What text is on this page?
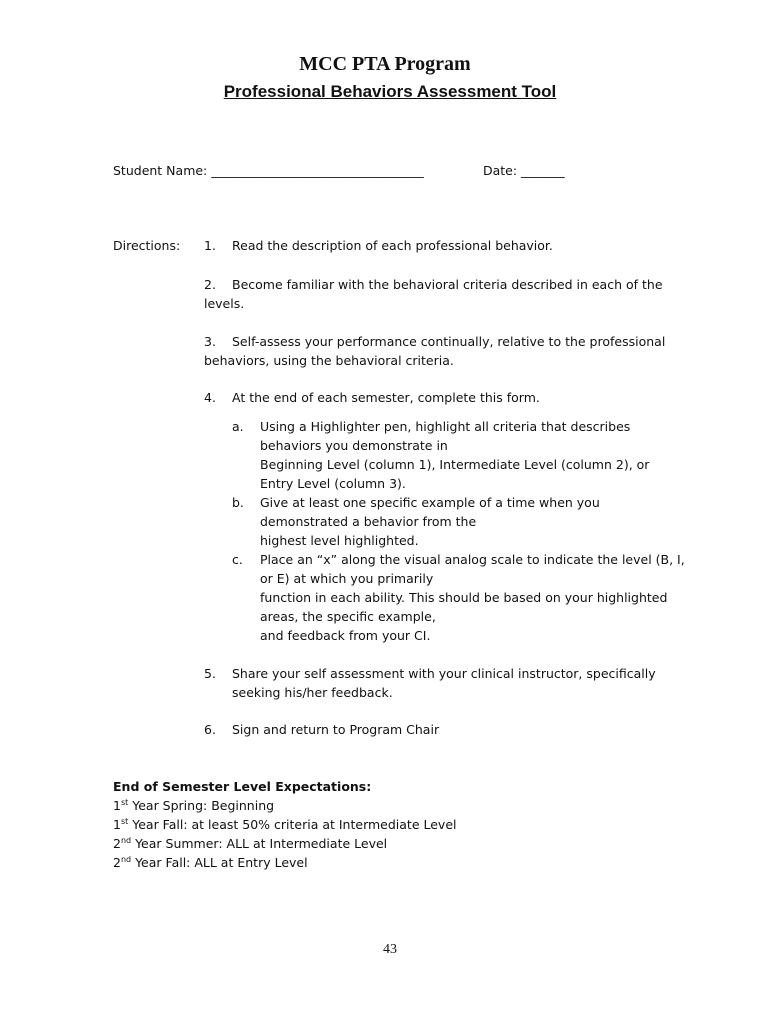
MCC PTA Program
Professional Behaviors Assessment Tool
Student Name: __________________________________	Date: _______
Directions: 1. Read the description of each professional behavior.
2. Become familiar with the behavioral criteria described in each of the
levels.
3. Self-assess your performance continually, relative to the professional
behaviors, using the behavioral criteria.
4. At the end of each semester, complete this form.
a. Using a Highlighter pen, highlight all criteria that describes
behaviors you demonstrate in
Beginning Level (column 1), Intermediate Level (column 2), or
Entry Level (column 3).
b. Give at least one specific example of a time when you
demonstrated a behavior from the
highest level highlighted.
c. Place an “x” along the visual analog scale to indicate the level (B, I,
or E) at which you primarily
function in each ability. This should be based on your highlighted
areas, the specific example,
and feedback from your CI.
5. Share your self assessment with your clinical instructor, specifically
seeking his/her feedback.
6. Sign and return to Program Chair
End of Semester Level Expectations:
1st Year Spring: Beginning
1st Year Fall: at least 50% criteria at Intermediate Level
2nd Year Summer: ALL at Intermediate Level
2nd Year Fall: ALL at Entry Level
43
